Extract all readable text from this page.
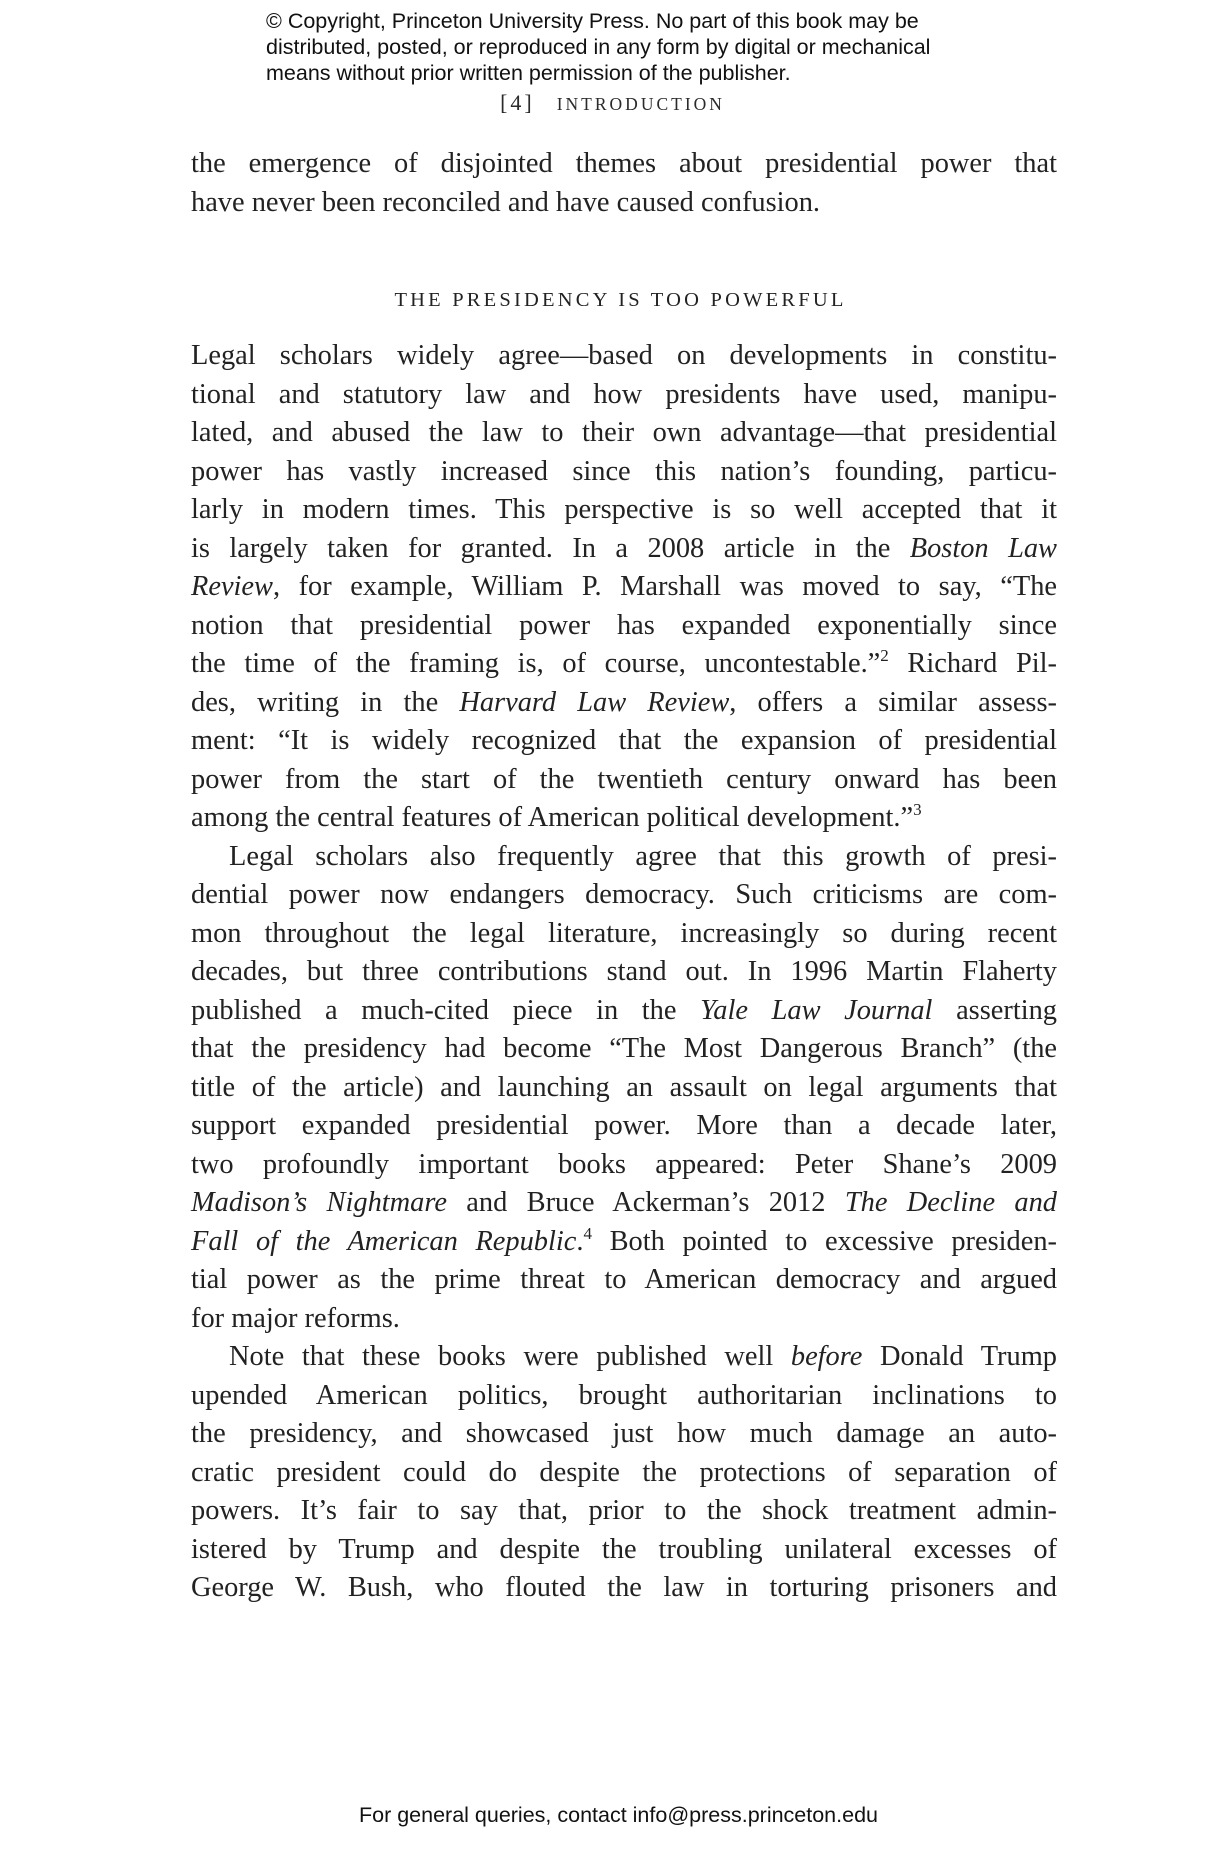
© Copyright, Princeton University Press. No part of this book may be
distributed, posted, or reproduced in any form by digital or mechanical
means without prior written permission of the publisher.
[4] INTRODUCTION
the emergence of disjointed themes about presidential power that
have never been reconciled and have caused confusion.
THE PRESIDENCY IS TOO POWERFUL
Legal scholars widely agree—based on developments in constitu-
tional and statutory law and how presidents have used, manipu-
lated, and abused the law to their own advantage—that presidential
power has vastly increased since this nation’s founding, particu-
larly in modern times. This perspective is so well accepted that it
is largely taken for granted. In a 2008 article in the Boston Law
Review, for example, William P. Marshall was moved to say, “The
notion that presidential power has expanded exponentially since
the time of the framing is, of course, uncontestable.”$^2$ Richard Pil-
des, writing in the Harvard Law Review, offers a similar assess-
ment: “It is widely recognized that the expansion of presidential
power from the start of the twentieth century onward has been
among the central features of American political development.”$^3$
Legal scholars also frequently agree that this growth of presi-
dential power now endangers democracy. Such criticisms are com-
mon throughout the legal literature, increasingly so during recent
decades, but three contributions stand out. In 1996 Martin Flaherty
published a much-cited piece in the Yale Law Journal asserting
that the presidency had become “The Most Dangerous Branch” (the
title of the article) and launching an assault on legal arguments that
support expanded presidential power. More than a decade later,
two profoundly important books appeared: Peter Shane’s 2009
Madison’s Nightmare and Bruce Ackerman’s 2012 The Decline and
Fall of the American Republic.$^4$ Both pointed to excessive presiden-
tial power as the prime threat to American democracy and argued
for major reforms.
Note that these books were published well before Donald Trump
upended American politics, brought authoritarian inclinations to
the presidency, and showcased just how much damage an auto-
cratic president could do despite the protections of separation of
powers. It’s fair to say that, prior to the shock treatment admin-
istered by Trump and despite the troubling unilateral excesses of
George W. Bush, who flouted the law in torturing prisoners and
For general queries, contact info@press.princeton.edu
